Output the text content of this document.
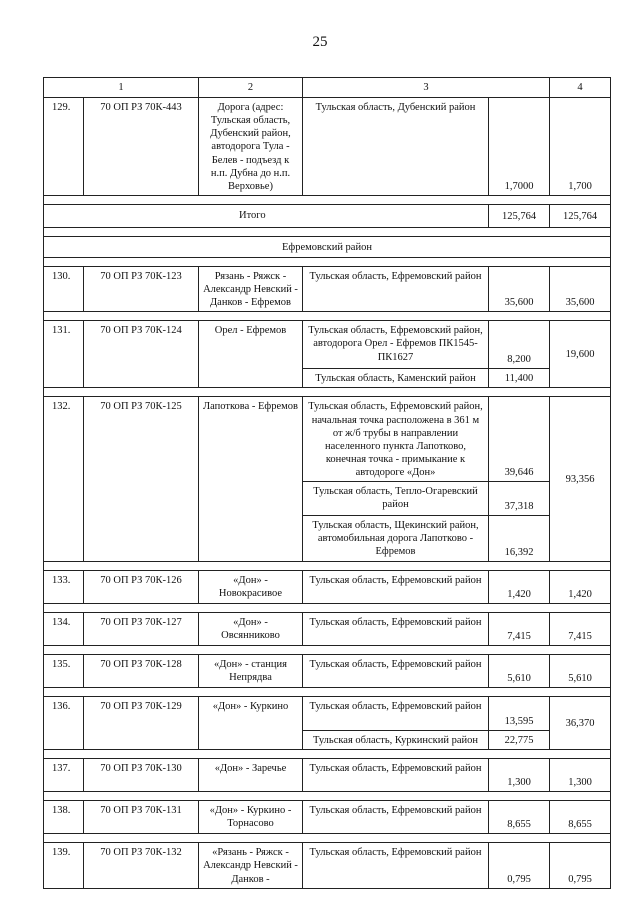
25
1		2	3		4
129.	70 ОП РЗ 70К-443	Дорога (адрес: Тульская область, Дубенский район, автодорога Тула - Белев - подъезд к н.п. Дубна до н.п. Верховье)	Тульская область, Дубенский район	1,7000	1,700

Итого				125,764	125,764

Ефремовский район					

130.	70 ОП РЗ 70К-123	Рязань - Ряжск - Александр Невский - Данков - Ефремов	Тульская область, Ефремовский район	35,600	35,600

131.	70 ОП РЗ 70К-124	Орел - Ефремов	Тульская область, Ефремовский район, автодорога Орел - Ефремов ПК1545-ПК1627	8,200	19,600
			Тульская область, Каменский район	11,400	

132.	70 ОП РЗ 70К-125	Лапоткова - Ефремов	Тульская область, Ефремовский район, начальная точка расположена в 361 м от ж/б трубы в направлении населенного пункта Лапотково, конечная точка - примыкание к автодороге «Дон»	39,646	93,356
			Тульская область, Тепло-Огаревский район	37,318	
			Тульская область, Щекинский район, автомобильная дорога Лапотково - Ефремов	16,392	

133.	70 ОП РЗ 70К-126	«Дон» - Новокрасивое	Тульская область, Ефремовский район	1,420	1,420

134.	70 ОП РЗ 70К-127	«Дон» - Овсянниково	Тульская область, Ефремовский район	7,415	7,415

135.	70 ОП РЗ 70К-128	«Дон» - станция Непрядва	Тульская область, Ефремовский район	5,610	5,610

136.	70 ОП РЗ 70К-129	«Дон» - Куркино	Тульская область, Ефремовский район	13,595	36,370
			Тульская область, Куркинский район	22,775	

137.	70 ОП РЗ 70К-130	«Дон» - Заречье	Тульская область, Ефремовский район	1,300	1,300

138.	70 ОП РЗ 70К-131	«Дон» - Куркино - Торнасово	Тульская область, Ефремовский район	8,655	8,655

139.	70 ОП РЗ 70К-132	«Рязань - Ряжск - Александр Невский - Данков -	Тульская область, Ефремовский район	0,795	0,795
